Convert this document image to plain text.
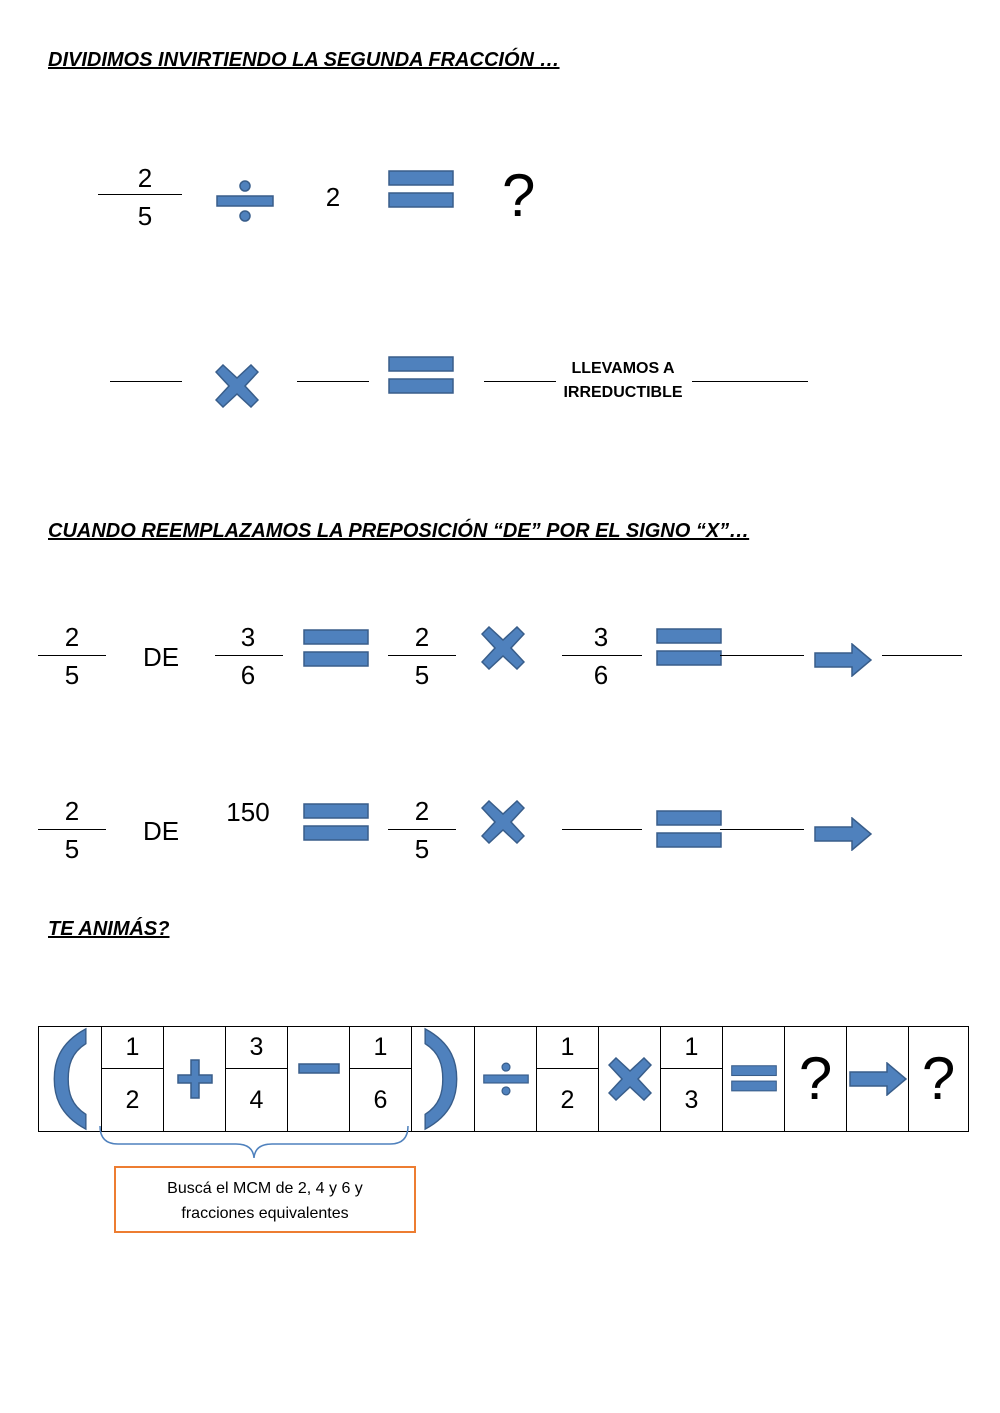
DIVIDIMOS INVIRTIENDO LA SEGUNDA FRACCIÓN …
2
5
2	?
LLEVAMOS A
IRREDUCTIBLE
CUANDO REEMPLAZAMOS LA PREPOSICIÓN “DE” POR EL SIGNO “X”…
2
5
DE
3
6
2
5
3
6
2
5
DE
150	2
5
TE ANIMÁS?
	1		3		1			1		1		?		?
	2		4		6			2		3				
Buscá el MCM de 2, 4 y 6 y
fracciones equivalentes
